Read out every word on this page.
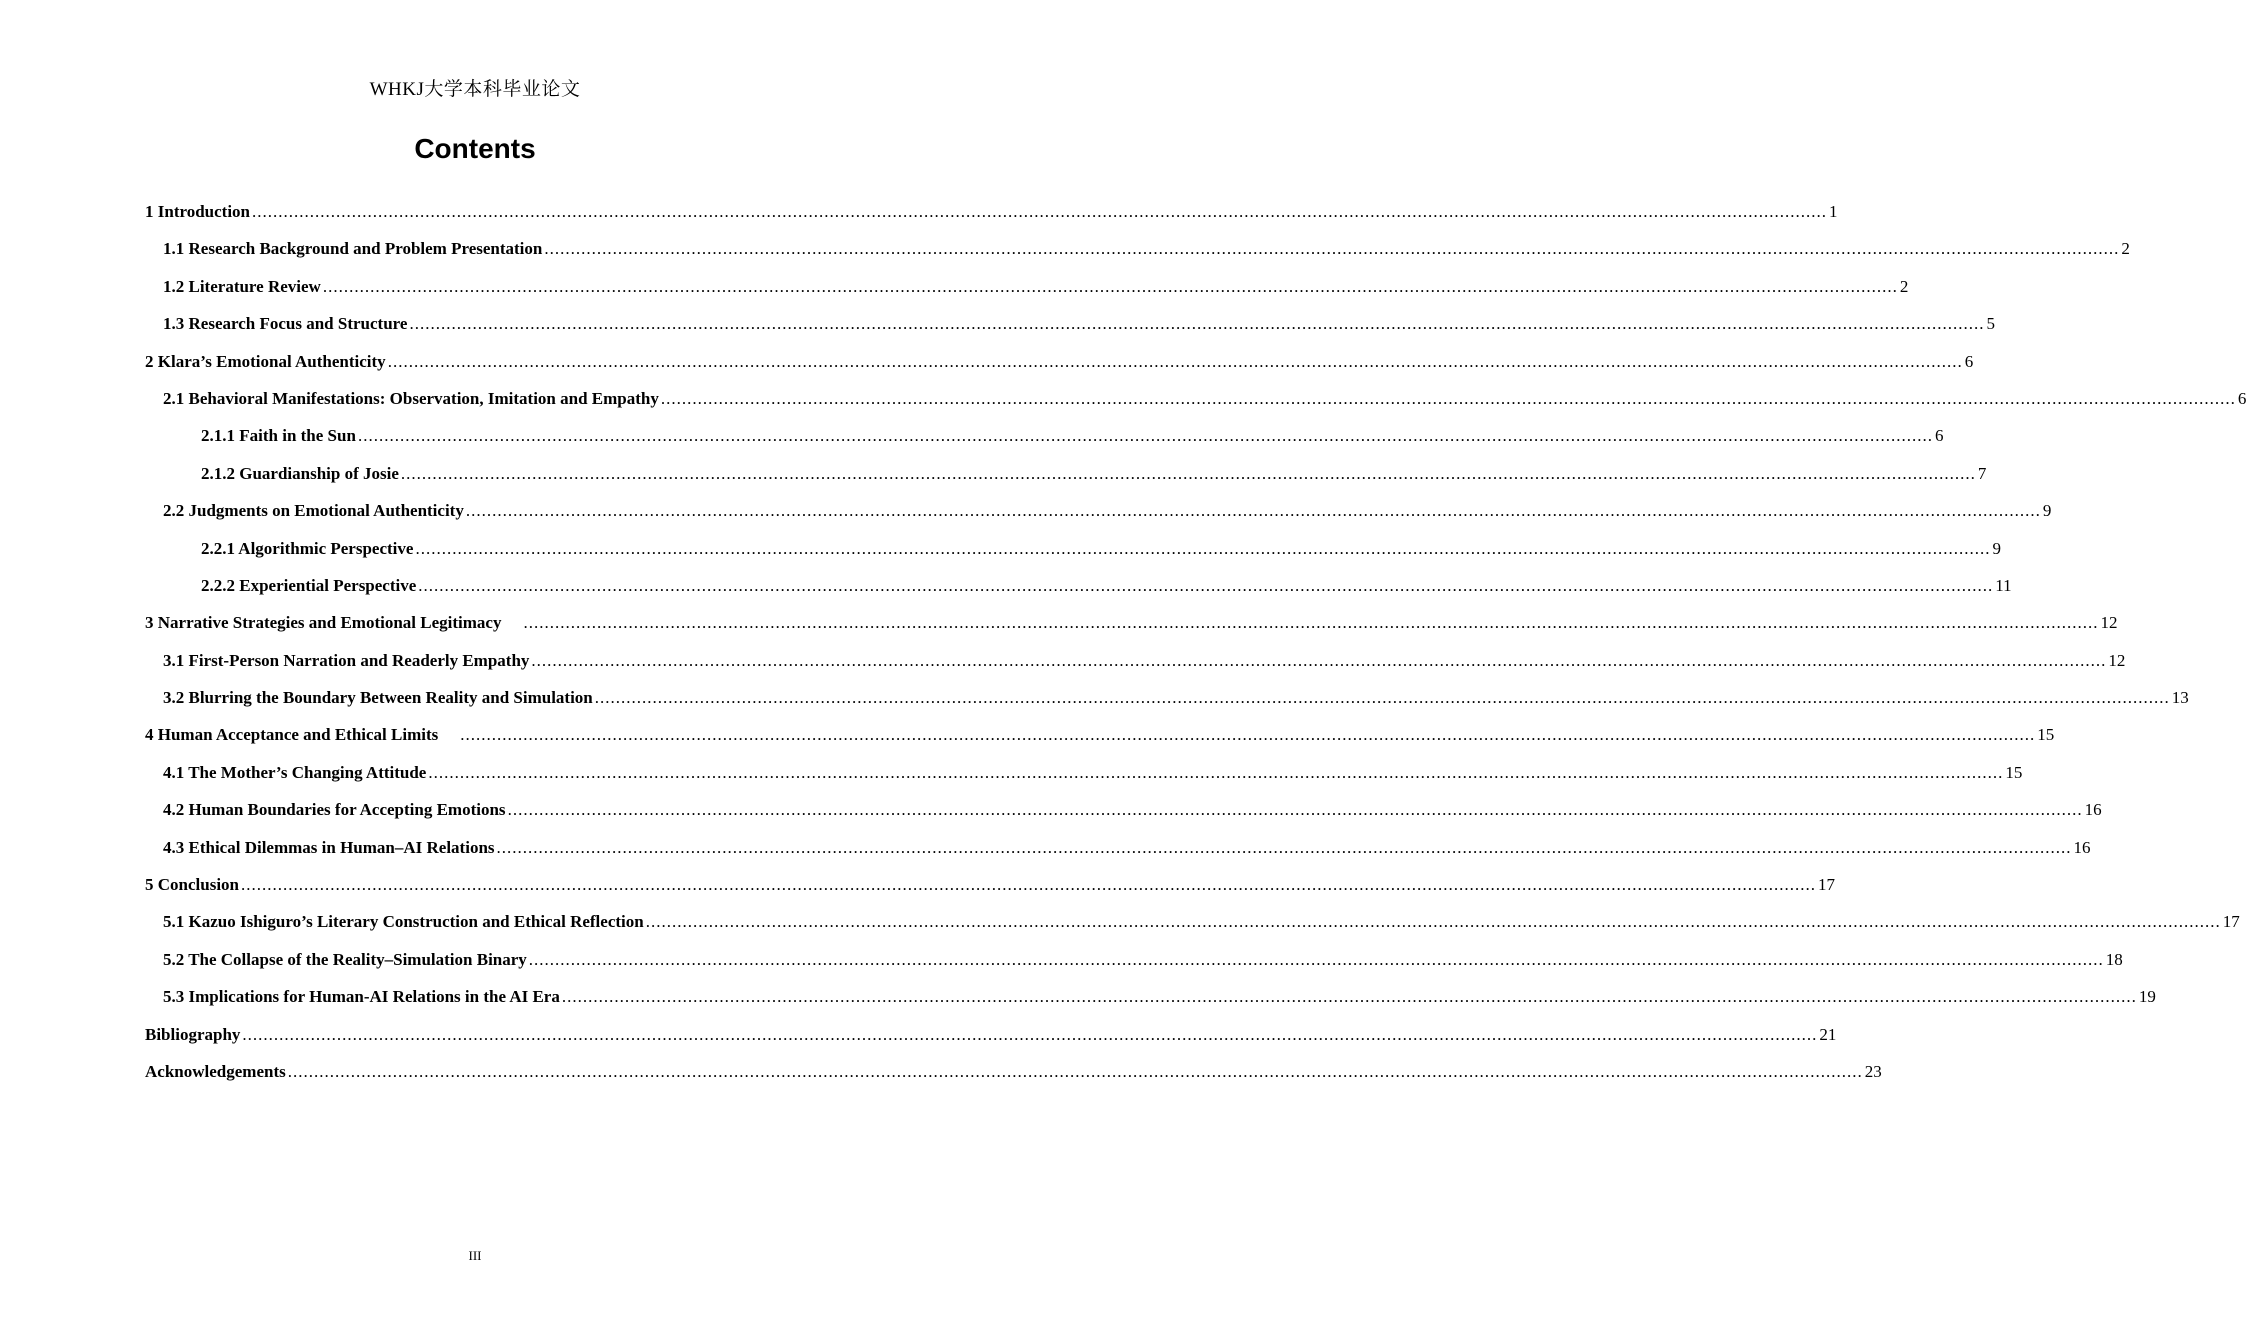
WHKJ大学本科毕业论文
Contents
1 Introduction ............................................................................................................................................................................................................................................................................................................ 1
1.1 Research Background and Problem Presentation ............................................................................................................................................................................................................................................................................................................ 2
1.2 Literature Review ............................................................................................................................................................................................................................................................................................................ 2
1.3 Research Focus and Structure ............................................................................................................................................................................................................................................................................................................ 5
2 Klara’s Emotional Authenticity ............................................................................................................................................................................................................................................................................................................ 6
2.1 Behavioral Manifestations: Observation, Imitation and Empathy ............................................................................................................................................................................................................................................................................................................ 6
2.1.1 Faith in the Sun ............................................................................................................................................................................................................................................................................................................ 6
2.1.2 Guardianship of Josie ............................................................................................................................................................................................................................................................................................................ 7
2.2 Judgments on Emotional Authenticity ............................................................................................................................................................................................................................................................................................................ 9
2.2.1 Algorithmic Perspective ............................................................................................................................................................................................................................................................................................................ 9
2.2.2 Experiential Perspective ............................................................................................................................................................................................................................................................................................................ 11
3 Narrative Strategies and Emotional Legitimacy ............................................................................................................................................................................................................................................................................................................ 12
3.1 First-Person Narration and Readerly Empathy ............................................................................................................................................................................................................................................................................................................ 12
3.2 Blurring the Boundary Between Reality and Simulation ............................................................................................................................................................................................................................................................................................................ 13
4 Human Acceptance and Ethical Limits ............................................................................................................................................................................................................................................................................................................ 15
4.1 The Mother’s Changing Attitude ............................................................................................................................................................................................................................................................................................................ 15
4.2 Human Boundaries for Accepting Emotions ............................................................................................................................................................................................................................................................................................................ 16
4.3 Ethical Dilemmas in Human–AI Relations ............................................................................................................................................................................................................................................................................................................ 16
5 Conclusion ............................................................................................................................................................................................................................................................................................................ 17
5.1 Kazuo Ishiguro’s Literary Construction and Ethical Reflection ............................................................................................................................................................................................................................................................................................................ 17
5.2 The Collapse of the Reality–Simulation Binary ............................................................................................................................................................................................................................................................................................................ 18
5.3 Implications for Human-AI Relations in the AI Era ............................................................................................................................................................................................................................................................................................................ 19
Bibliography ............................................................................................................................................................................................................................................................................................................ 21
Acknowledgements ............................................................................................................................................................................................................................................................................................................ 23
III
